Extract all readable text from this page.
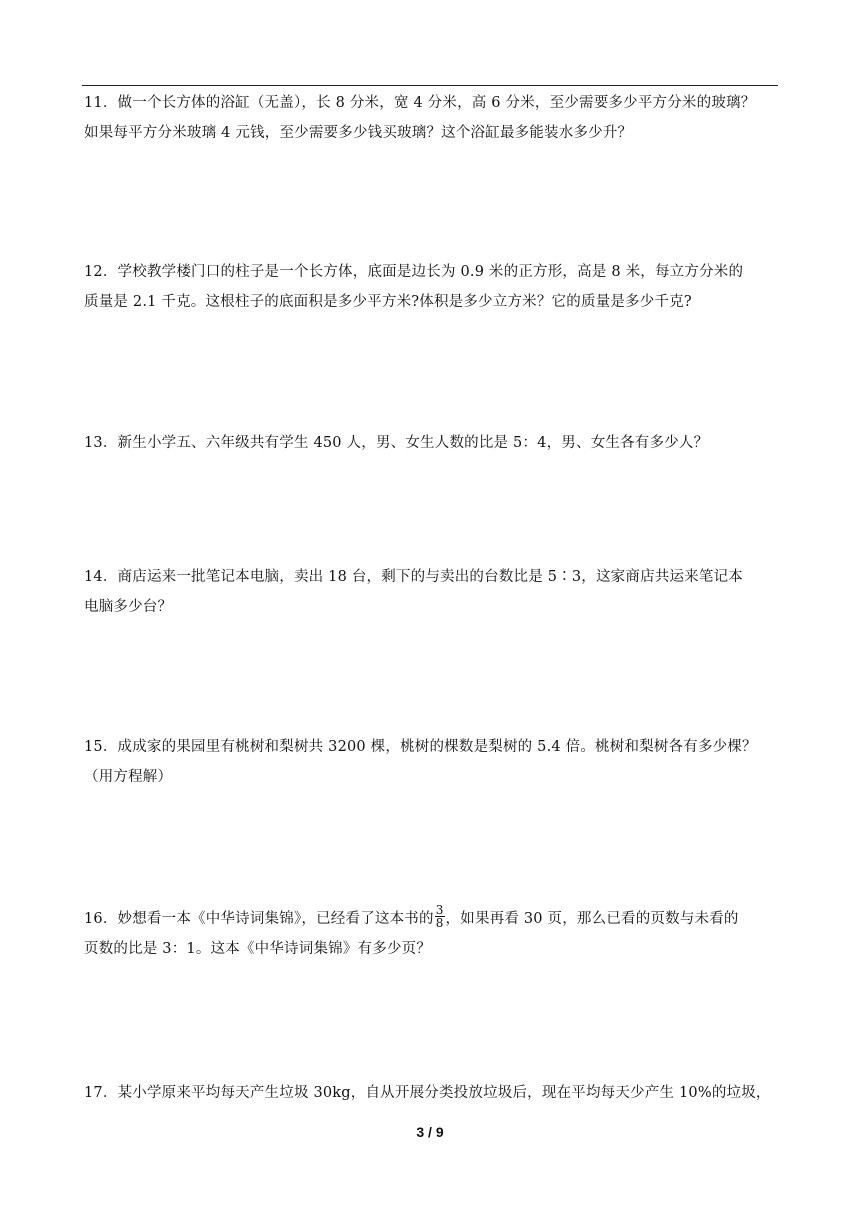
11．做一个长方体的浴缸（无盖），长 8 分米，宽 4 分米，高 6 分米，至少需要多少平方分米的玻璃？

如果每平方分米玻璃 4 元钱，至少需要多少钱买玻璃？这个浴缸最多能装水多少升？

12．学校教学楼门口的柱子是一个长方体，底面是边长为 0.9 米的正方形，高是 8 米，每立方分米的

质量是 2.1 千克。这根柱子的底面积是多少平方米?体积是多少立方米？它的质量是多少千克?

13．新生小学五、六年级共有学生 450 人，男、女生人数的比是 5：4，男、女生各有多少人？

14．商店运来一批笔记本电脑，卖出 18 台，剩下的与卖出的台数比是 5∶3，这家商店共运来笔记本

电脑多少台？

15．成成家的果园里有桃树和梨树共 3200 棵，桃树的棵数是梨树的 5.4 倍。桃树和梨树各有多少棵？

（用方程解）

16．妙想看一本《中华诗词集锦》，已经看了这本书的 $\frac{3}{8}$ ，如果再看 30 页，那么已看的页数与未看的

页数的比是 3：1。这本《中华诗词集锦》有多少页？

17．某小学原来平均每天产生垃圾 30kg，自从开展分类投放垃圾后，现在平均每天少产生 10%的垃圾，

3 / 9
